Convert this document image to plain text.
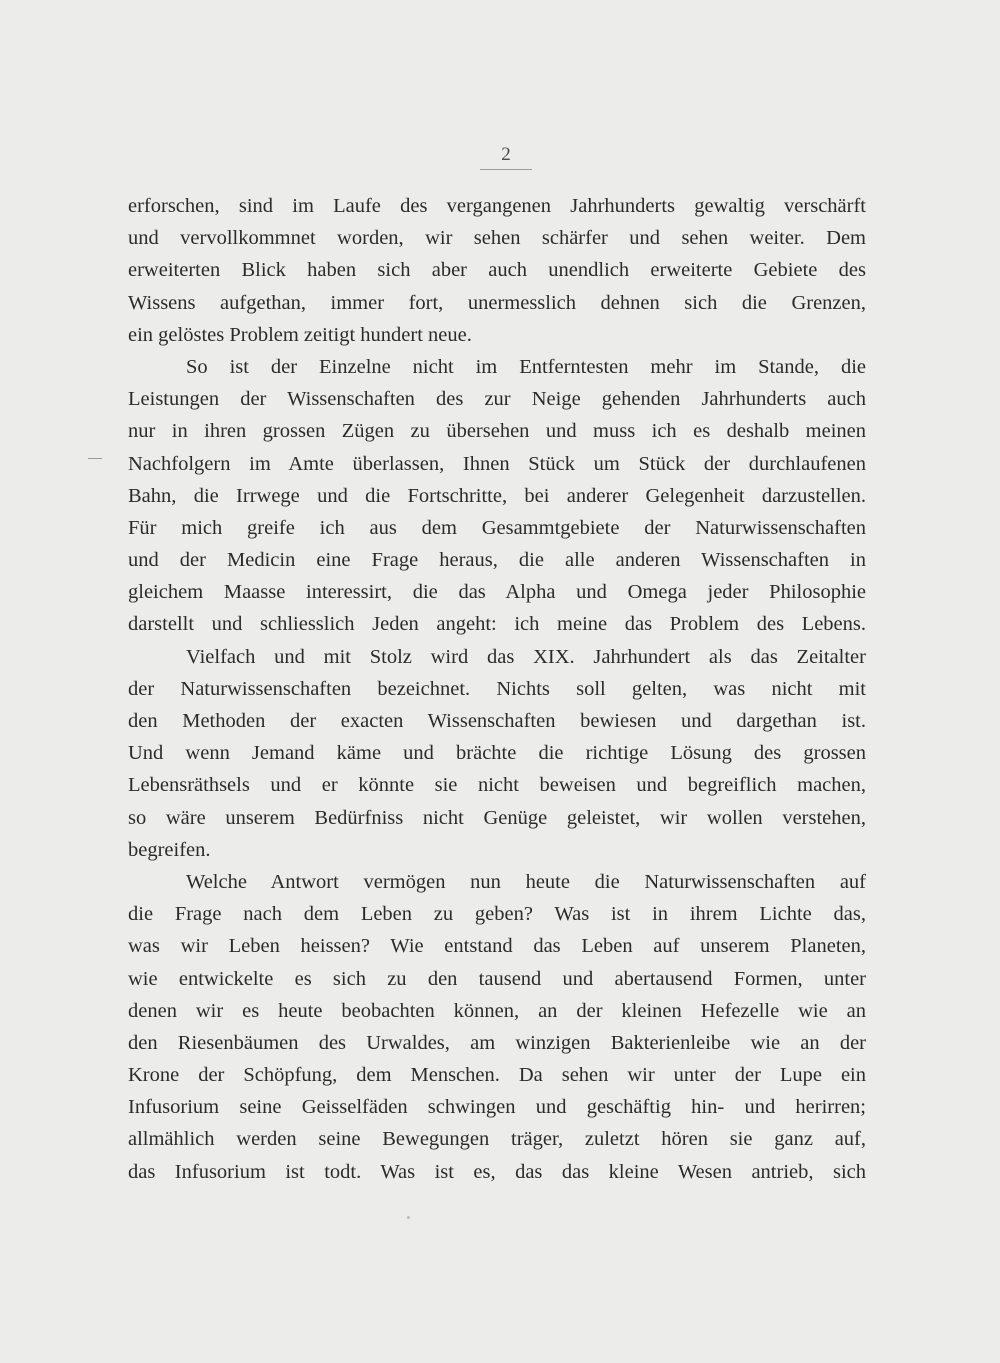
2
erforschen, sind im Laufe des vergangenen Jahrhunderts gewaltig verschärft
und vervollkommnet worden, wir sehen schärfer und sehen weiter. Dem
erweiterten Blick haben sich aber auch unendlich erweiterte Gebiete des
Wissens aufgethan, immer fort, unermesslich dehnen sich die Grenzen,
ein gelöstes Problem zeitigt hundert neue.
So ist der Einzelne nicht im Entferntesten mehr im Stande, die
Leistungen der Wissenschaften des zur Neige gehenden Jahrhunderts auch
nur in ihren grossen Zügen zu übersehen und muss ich es deshalb meinen
Nachfolgern im Amte überlassen, Ihnen Stück um Stück der durchlaufenen
Bahn, die Irrwege und die Fortschritte, bei anderer Gelegenheit darzustellen.
Für mich greife ich aus dem Gesammtgebiete der Naturwissenschaften
und der Medicin eine Frage heraus, die alle anderen Wissenschaften in
gleichem Maasse interessirt, die das Alpha und Omega jeder Philosophie
darstellt und schliesslich Jeden angeht: ich meine das Problem des Lebens.
Vielfach und mit Stolz wird das XIX. Jahrhundert als das Zeitalter
der Naturwissenschaften bezeichnet. Nichts soll gelten, was nicht mit
den Methoden der exacten Wissenschaften bewiesen und dargethan ist.
Und wenn Jemand käme und brächte die richtige Lösung des grossen
Lebensräthsels und er könnte sie nicht beweisen und begreiflich machen,
so wäre unserem Bedürfniss nicht Genüge geleistet, wir wollen verstehen,
begreifen.
Welche Antwort vermögen nun heute die Naturwissenschaften auf
die Frage nach dem Leben zu geben? Was ist in ihrem Lichte das,
was wir Leben heissen? Wie entstand das Leben auf unserem Planeten,
wie entwickelte es sich zu den tausend und abertausend Formen, unter
denen wir es heute beobachten können, an der kleinen Hefezelle wie an
den Riesenbäumen des Urwaldes, am winzigen Bakterienleibe wie an der
Krone der Schöpfung, dem Menschen. Da sehen wir unter der Lupe ein
Infusorium seine Geisselfäden schwingen und geschäftig hin- und herirren;
allmählich werden seine Bewegungen träger, zuletzt hören sie ganz auf,
das Infusorium ist todt. Was ist es, das das kleine Wesen antrieb, sich
